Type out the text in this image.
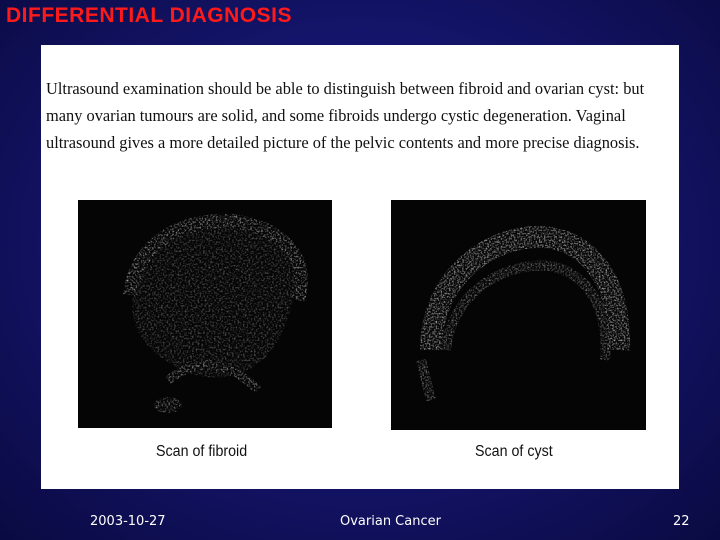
DIFFERENTIAL DIAGNOSIS

Ultrasound examination should be able to distinguish between fibroid and ovarian cyst: but many ovarian tumours are solid, and some fibroids undergo cystic degeneration. Vaginal ultrasound gives a more detailed picture of the pelvic contents and more precise diagnosis.

Scan of fibroid	Scan of cyst
2003-10-27	Ovarian Cancer	22
